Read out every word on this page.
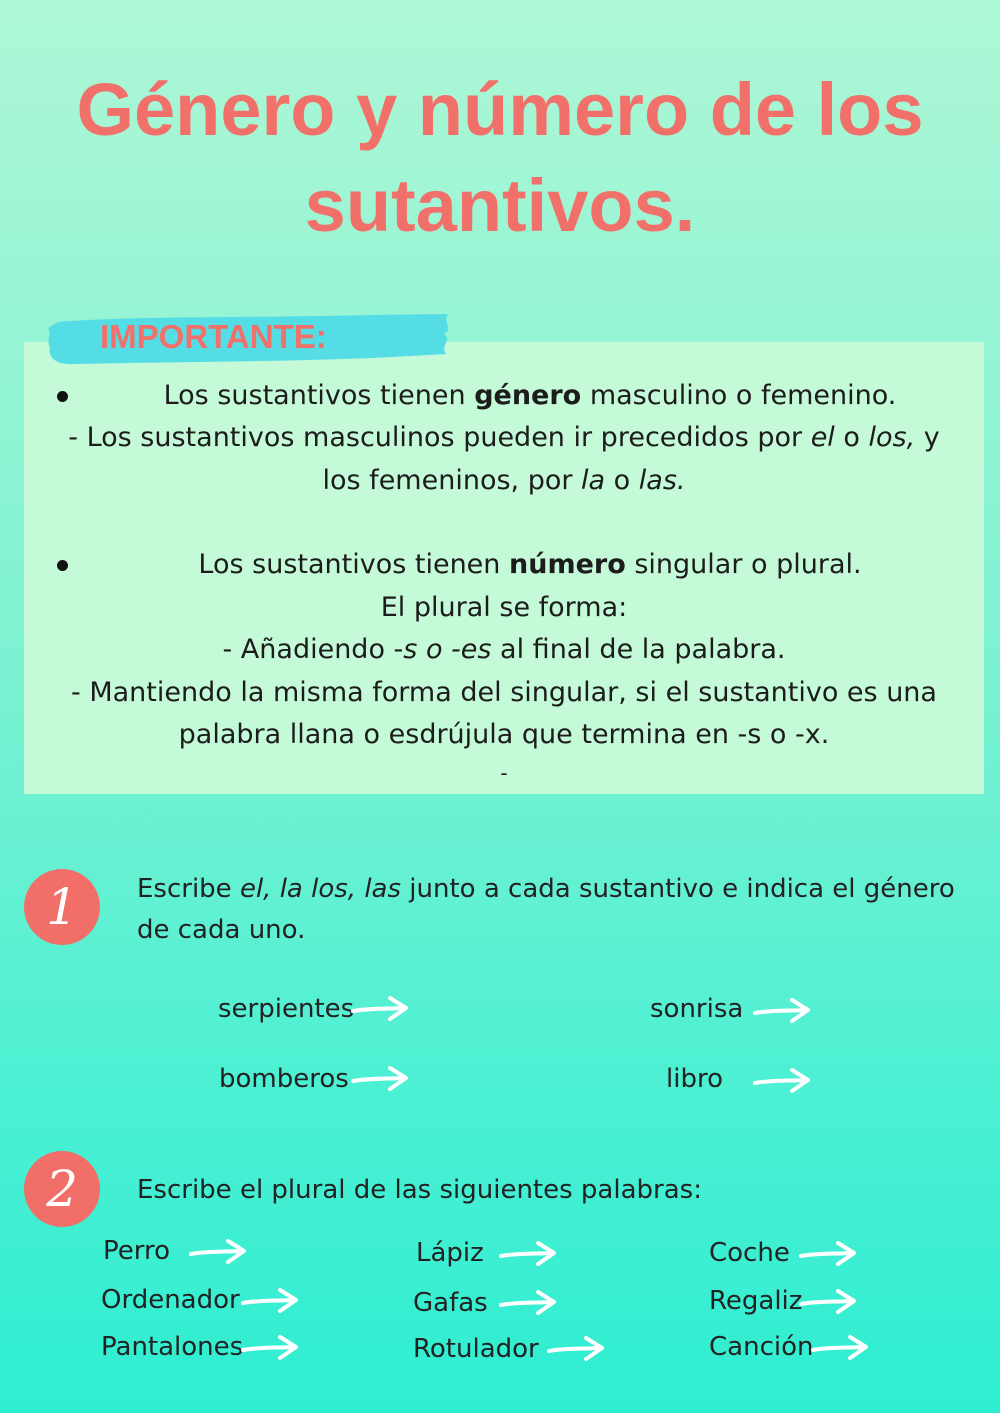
Género y número de los
sutantivos.
IMPORTANTE:
Los sustantivos tienen género masculino o femenino.
- Los sustantivos masculinos pueden ir precedidos por el o los, y
los femeninos, por la o las.
Los sustantivos tienen número singular o plural.
El plural se forma:
- Añadiendo -s o -es al final de la palabra.
- Mantiendo la misma forma del singular, si el sustantivo es una
palabra llana o esdrújula que termina en -s o -x.
-
1	Escribe el, la los, las junto a cada sustantivo e indica el género
de cada uno.
serpientes	sonrisa
bomberos	libro
2	Escribe el plural de las siguientes palabras:
Perro	Lápiz	Coche
Ordenador	Gafas	Regaliz
Pantalones	Rotulador	Canción
